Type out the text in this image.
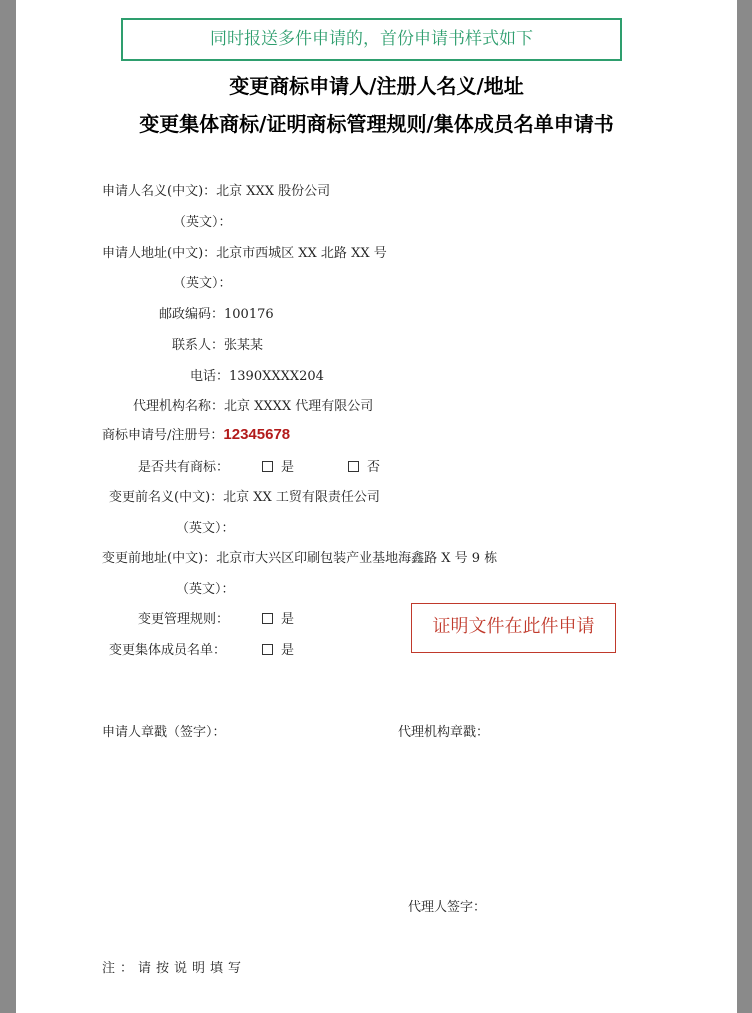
同时报送多件申请的，首份申请书样式如下
变更商标申请人/注册人名义/地址
变更集体商标/证明商标管理规则/集体成员名单申请书
申请人名义(中文)：北京 XXX 股份公司
（英文）：
申请人地址(中文)：北京市西城区 XX 北路 XX 号
（英文）：
邮政编码：100176
联系人：张某某
电话：1390XXXX204
代理机构名称：北京 XXXX 代理有限公司
商标申请号/注册号：12345678
是否共有商标：	是	否
变更前名义(中文)：北京 XX 工贸有限责任公司
（英文）：
变更前地址(中文)：北京市大兴区印刷包装产业基地海鑫路 X 号 9 栋
（英文）：
变更管理规则：	是
变更集体成员名单：	是
证明文件在此件申请
申请人章戳（签字）：	代理机构章戳：
代理人签字：
注：请按说明填写
